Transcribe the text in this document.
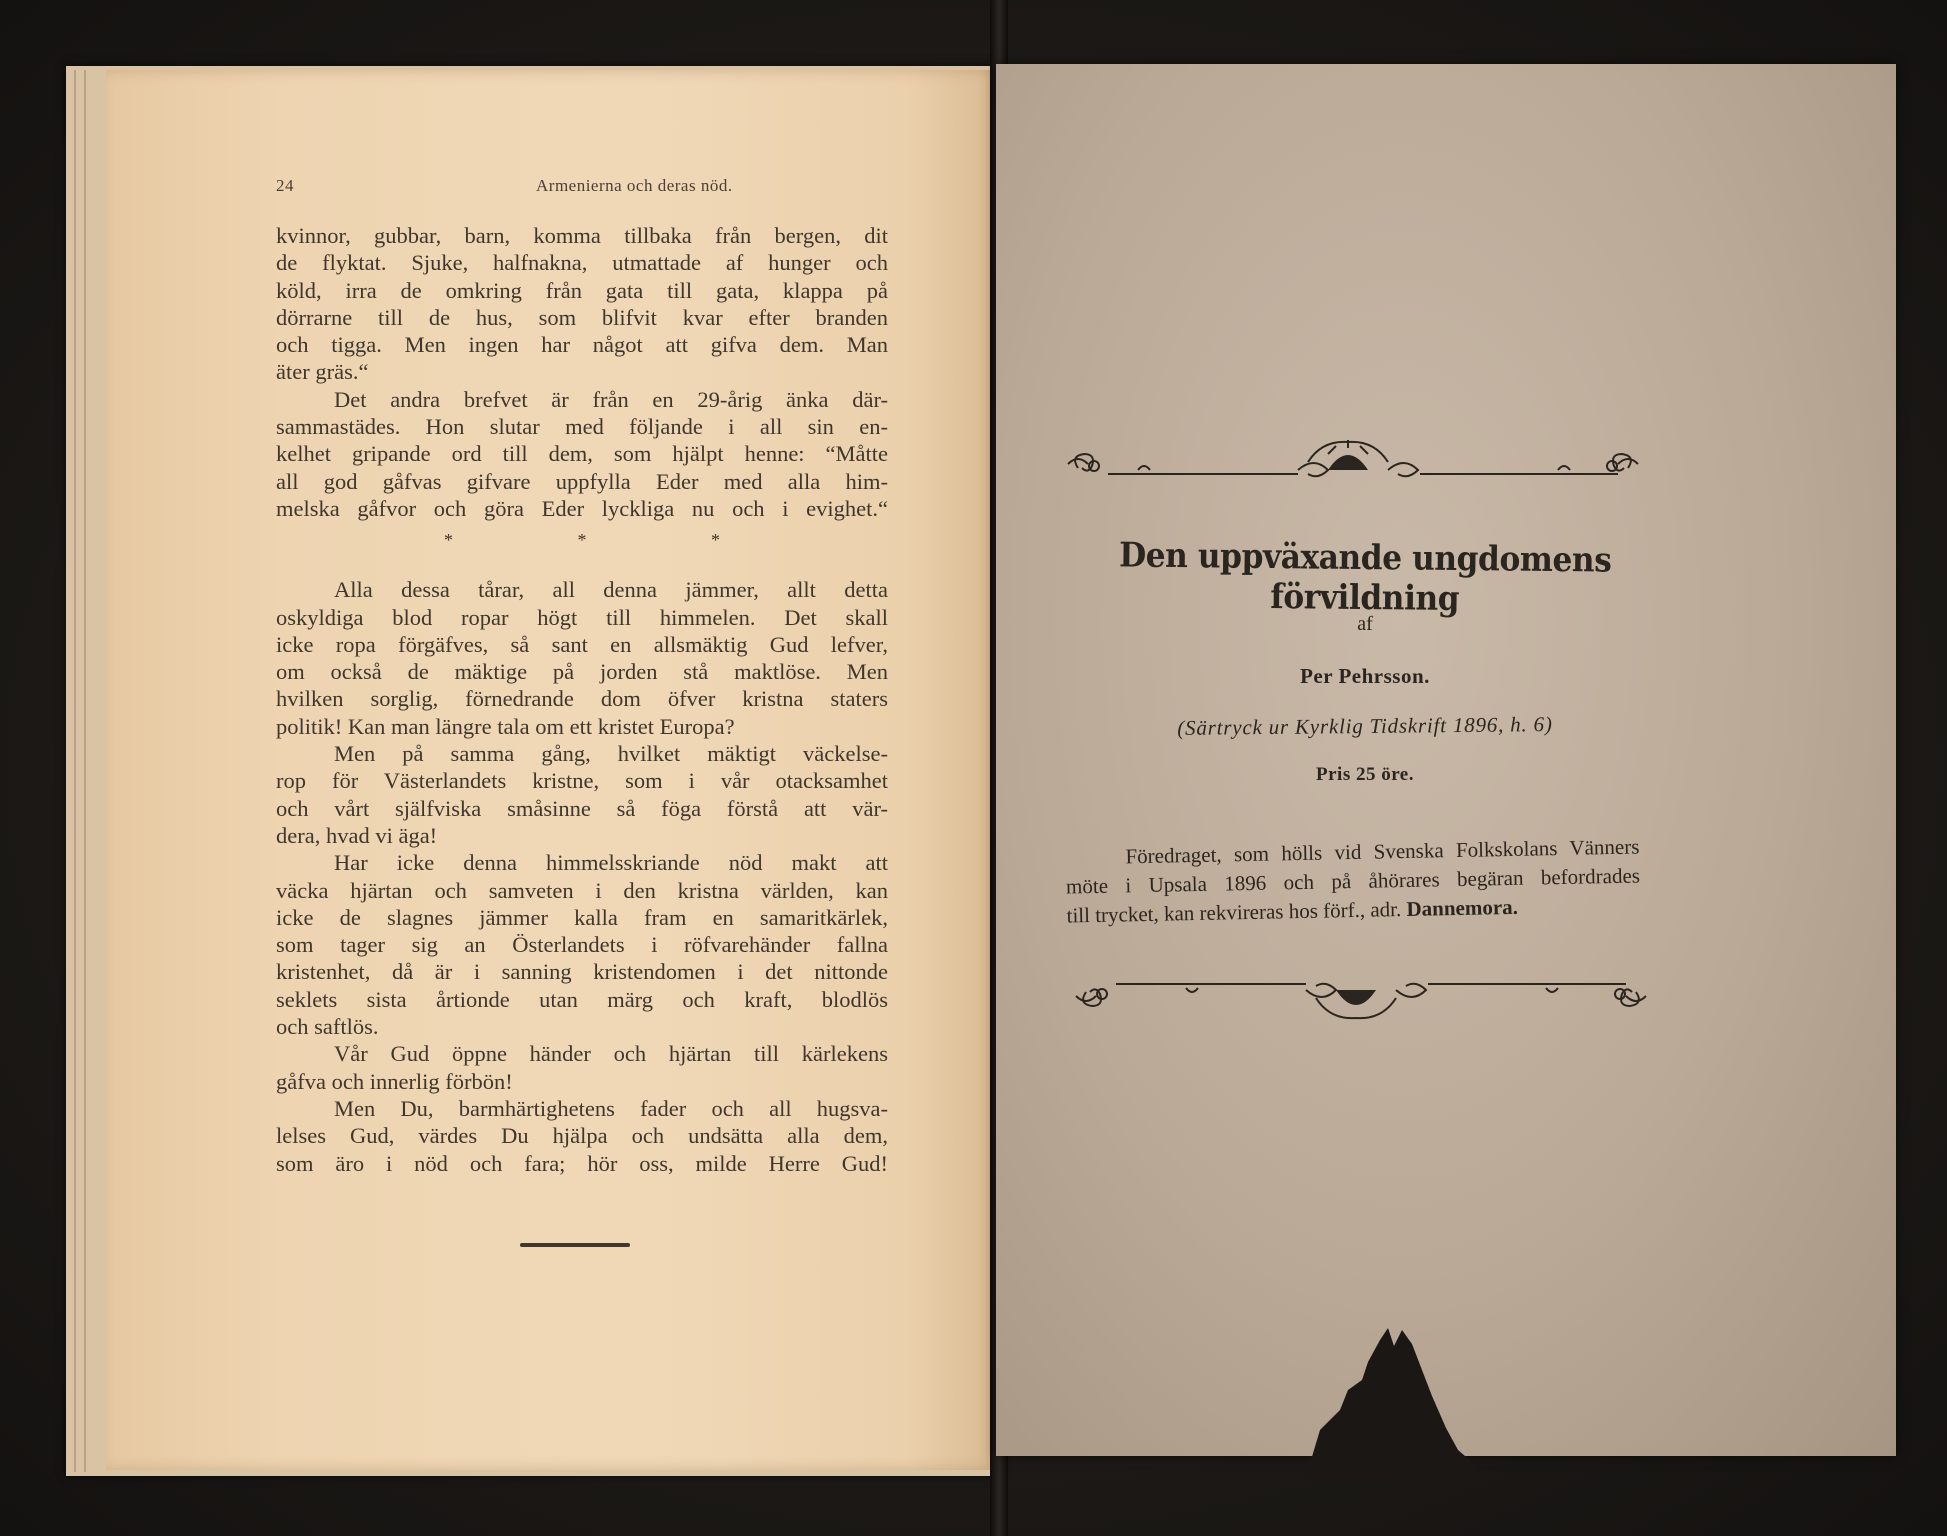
24	Armenierna och deras nöd.
kvinnor, gubbar, barn, komma tillbaka från bergen, dit
de flyktat. Sjuke, halfnakna, utmattade af hunger och
köld, irra de omkring från gata till gata, klappa på
dörrarne till de hus, som blifvit kvar efter branden
och tigga. Men ingen har något att gifva dem. Man
äter gräs.“
Det andra brefvet är från en 29-årig änka där-
sammastädes. Hon slutar med följande i all sin en-
kelhet gripande ord till dem, som hjälpt henne: “Måtte
all god gåfvas gifvare uppfylla Eder med alla him-
melska gåfvor och göra Eder lyckliga nu och i evighet.“
* * *
Alla dessa tårar, all denna jämmer, allt detta
oskyldiga blod ropar högt till himmelen. Det skall
icke ropa förgäfves, så sant en allsmäktig Gud lefver,
om också de mäktige på jorden stå maktlöse. Men
hvilken sorglig, förnedrande dom öfver kristna staters
politik! Kan man längre tala om ett kristet Europa?
Men på samma gång, hvilket mäktigt väckelse-
rop för Västerlandets kristne, som i vår otacksamhet
och vårt själfviska småsinne så föga förstå att vär-
dera, hvad vi äga!
Har icke denna himmelsskriande nöd makt att
väcka hjärtan och samveten i den kristna världen, kan
icke de slagnes jämmer kalla fram en samaritkärlek,
som tager sig an Österlandets i röfvarehänder fallna
kristenhet, då är i sanning kristendomen i det nittonde
seklets sista årtionde utan märg och kraft, blodlös
och saftlös.
Vår Gud öppne händer och hjärtan till kärlekens
gåfva och innerlig förbön!
Men Du, barmhärtighetens fader och all hugsva-
lelses Gud, värdes Du hjälpa och undsätta alla dem,
som äro i nöd och fara; hör oss, milde Herre Gud!
Den uppväxande ungdomens förvildning
af
Per Pehrsson.
(Särtryck ur Kyrklig Tidskrift 1896, h. 6)
Pris 25 öre.
Föredraget, som hölls vid Svenska Folkskolans Vänners
möte i Upsala 1896 och på åhörares begäran befordrades
till trycket, kan rekvireras hos förf., adr. Dannemora.
